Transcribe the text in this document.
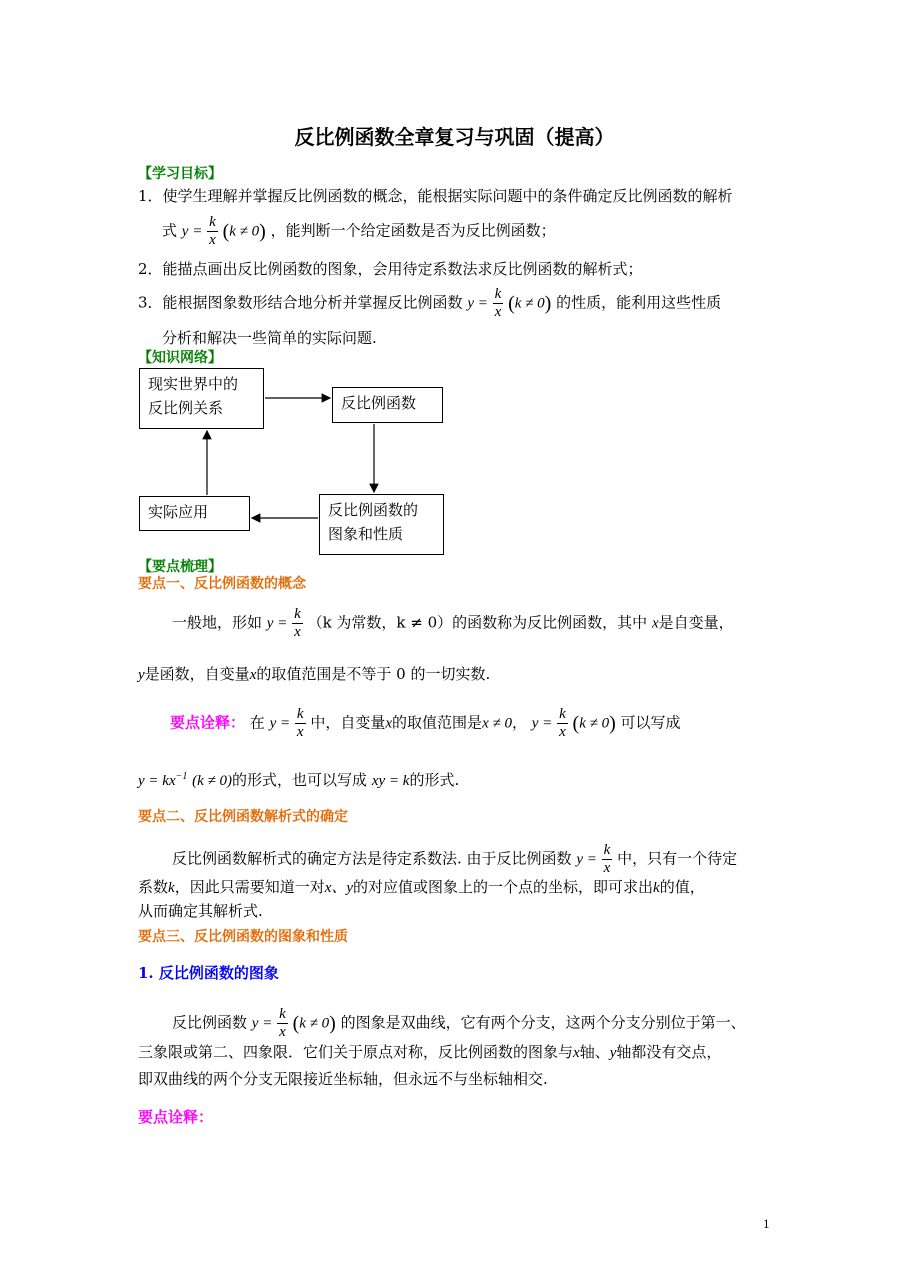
反比例函数全章复习与巩固（提高）
【学习目标】
1．使学生理解并掌握反比例函数的概念，能根据实际问题中的条件确定反比例函数的解析
式 $y = \frac{k}{x} (k \ne 0)$ ，能判断一个给定函数是否为反比例函数；
2．能描点画出反比例函数的图象，会用待定系数法求反比例函数的解析式；
3．能根据图象数形结合地分析并掌握反比例函数 $y = \frac{k}{x} (k \ne 0)$ 的性质，能利用这些性质
分析和解决一些简单的实际问题.
【知识网络】
现实世界中的
反比例关系	反比例函数
反比例函数的
图象和性质
实际应用
【要点梳理】
要点一、反比例函数的概念
一般地，形如 $y = \frac{k}{x} (k$ 为常数，k ≠ 0）的函数称为反比例函数，其中 x是自变量，
y是函数，自变量x的取值范围是不等于 0 的一切实数.
要点诠释： 在 $y = \frac{k}{x}$ 中，自变量x的取值范围是x ≠ 0， $y = \frac{k}{x} (k \ne 0)$ 可以写成
$y = kx^{-1}$ (k ≠ 0)的形式，也可以写成 xy = k的形式.
要点二、反比例函数解析式的确定
反比例函数解析式的确定方法是待定系数法. 由于反比例函数 $y = \frac{k}{x}$ 中，只有一个待定
系数k，因此只需要知道一对x、y的对应值或图象上的一个点的坐标，即可求出k的值，
从而确定其解析式.
要点三、反比例函数的图象和性质
1. 反比例函数的图象
反比例函数 $y = \frac{k}{x} (k \ne 0)$ 的图象是双曲线，它有两个分支，这两个分支分别位于第一、
三象限或第二、四象限．它们关于原点对称，反比例函数的图象与x轴、y轴都没有交点，
即双曲线的两个分支无限接近坐标轴，但永远不与坐标轴相交.
要点诠释：
1
